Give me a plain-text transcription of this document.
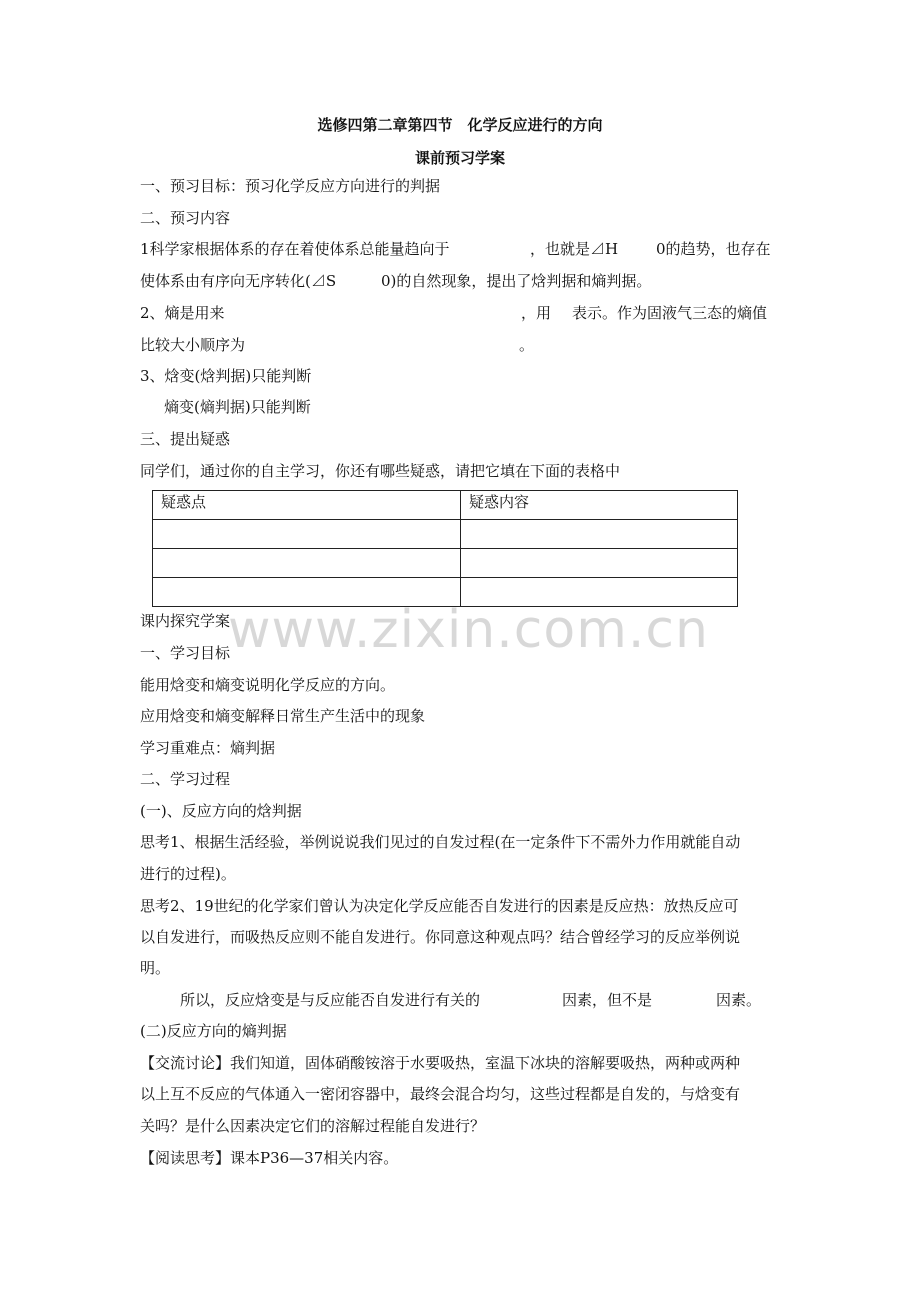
选修四第二章第四节　化学反应进行的方向
课前预习学案
一、预习目标：预习化学反应方向进行的判据
二、预习内容
1科学家根据体系的存在着使体系总能量趋向于	，也就是⊿H	0的趋势，也存在
使体系由有序向无序转化(⊿S	0)的自然现象，提出了焓判据和熵判据。
2、熵是用来	，用 表示。作为固液气三态的熵值
比较大小顺序为	。
3、焓变(焓判据)只能判断
熵变(熵判据)只能判断
三、提出疑惑
同学们，通过你的自主学习，你还有哪些疑惑，请把它填在下面的表格中
疑惑点	疑惑内容

www.zixin.com.cn
课内探究学案
一、学习目标
能用焓变和熵变说明化学反应的方向。
应用焓变和熵变解释日常生产生活中的现象
学习重难点：熵判据
二、学习过程
(一)、反应方向的焓判据
思考1、根据生活经验，举例说说我们见过的自发过程(在一定条件下不需外力作用就能自动
进行的过程)。
思考2、19世纪的化学家们曾认为决定化学反应能否自发进行的因素是反应热：放热反应可
以自发进行，而吸热反应则不能自发进行。你同意这种观点吗？结合曾经学习的反应举例说
明。
所以，反应焓变是与反应能否自发进行有关的	因素，但不是	因素。
(二)反应方向的熵判据
【交流讨论】我们知道，固体硝酸铵溶于水要吸热，室温下冰块的溶解要吸热，两种或两种
以上互不反应的气体通入一密闭容器中，最终会混合均匀，这些过程都是自发的，与焓变有
关吗？是什么因素决定它们的溶解过程能自发进行？
【阅读思考】课本P36—37相关内容。
